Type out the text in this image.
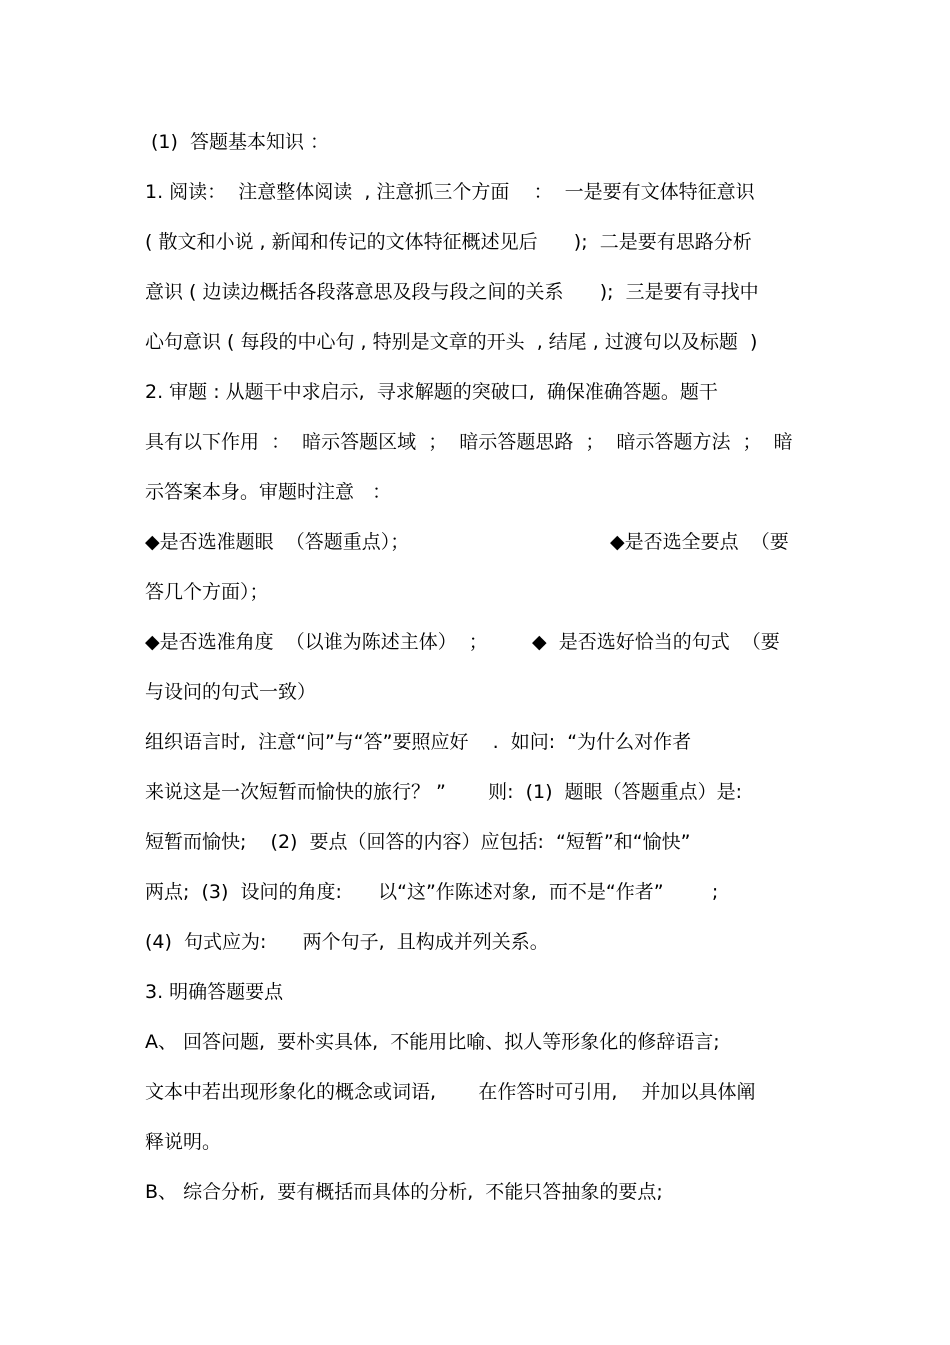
(1)  答题基本知识 ：
1. 阅读：  注意整体阅读  , 注意抓三个方面    ：  一是要有文体特征意识
( 散文和小说 , 新闻和传记的文体特征概述见后      );  二是要有思路分析
意识 ( 边读边概括各段落意思及段与段之间的关系      );  三是要有寻找中
心句意识 ( 每段的中心句 , 特别是文章的开头  , 结尾 , 过渡句以及标题  )
2. 审题 : 从题干中求启示,  寻求解题的突破口,  确保准确答题。题干
具有以下作用  ：  暗示答题区域  ；  暗示答题思路  ；  暗示答题方法  ；  暗
示答案本身。审题时注意   ：
◆是否选准题眼  （答题重点）；	◆是否选全要点  （要
答几个方面）；
◆是否选准角度  （以谁为陈述主体）  ； ◆  是否选好恰当的句式  （要
与设问的句式一致）
组织语言时,  注意“问”与“答”要照应好    .  如问:  “为什么对作者
来说这是一次短暂而愉快的旅行？ ”       则:  (1)  题眼（答题重点）是:
短暂而愉快;    (2)  要点（回答的内容）应包括:  “短暂”和“愉快”
两点;  (3)  设问的角度:      以“这”作陈述对象,  而不是“作者”        ;
(4)  句式应为:      两个句子,  且构成并列关系。
3. 明确答题要点
A、 回答问题,  要朴实具体,  不能用比喻、拟人等形象化的修辞语言;
文本中若出现形象化的概念或词语,       在作答时可引用,    并加以具体阐
释说明。
B、 综合分析,  要有概括而具体的分析,  不能只答抽象的要点;
